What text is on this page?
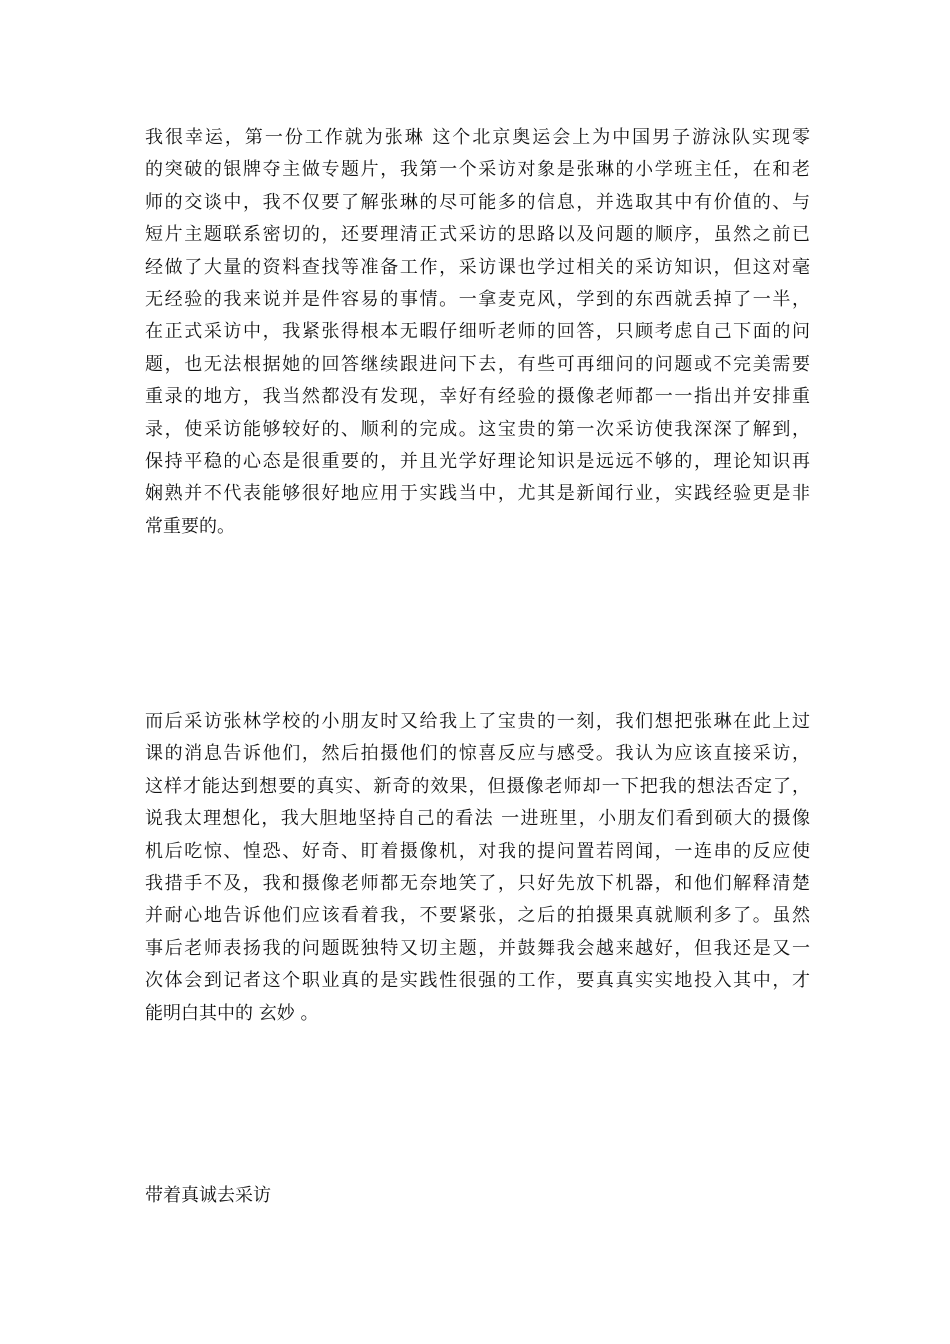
我很幸运，第一份工作就为张琳 这个北京奥运会上为中国男子游泳队实现零
的突破的银牌夺主做专题片，我第一个采访对象是张琳的小学班主任，在和老
师的交谈中，我不仅要了解张琳的尽可能多的信息，并选取其中有价值的、与
短片主题联系密切的，还要理清正式采访的思路以及问题的顺序，虽然之前已
经做了大量的资料查找等准备工作，采访课也学过相关的采访知识，但这对毫
无经验的我来说并是件容易的事情。一拿麦克风，学到的东西就丢掉了一半，
在正式采访中，我紧张得根本无暇仔细听老师的回答，只顾考虑自己下面的问
题，也无法根据她的回答继续跟进问下去，有些可再细问的问题或不完美需要
重录的地方，我当然都没有发现，幸好有经验的摄像老师都一一指出并安排重
录，使采访能够较好的、顺利的完成。这宝贵的第一次采访使我深深了解到，
保持平稳的心态是很重要的，并且光学好理论知识是远远不够的，理论知识再
娴熟并不代表能够很好地应用于实践当中，尤其是新闻行业，实践经验更是非
常重要的。
而后采访张林学校的小朋友时又给我上了宝贵的一刻，我们想把张琳在此上过
课的消息告诉他们，然后拍摄他们的惊喜反应与感受。我认为应该直接采访，
这样才能达到想要的真实、新奇的效果，但摄像老师却一下把我的想法否定了，
说我太理想化，我大胆地坚持自己的看法 一进班里，小朋友们看到硕大的摄像
机后吃惊、惶恐、好奇、盯着摄像机，对我的提问置若罔闻，一连串的反应使
我措手不及，我和摄像老师都无奈地笑了，只好先放下机器，和他们解释清楚
并耐心地告诉他们应该看着我，不要紧张，之后的拍摄果真就顺利多了。虽然
事后老师表扬我的问题既独特又切主题，并鼓舞我会越来越好，但我还是又一
次体会到记者这个职业真的是实践性很强的工作，要真真实实地投入其中，才
能明白其中的 玄妙 。
带着真诚去采访
